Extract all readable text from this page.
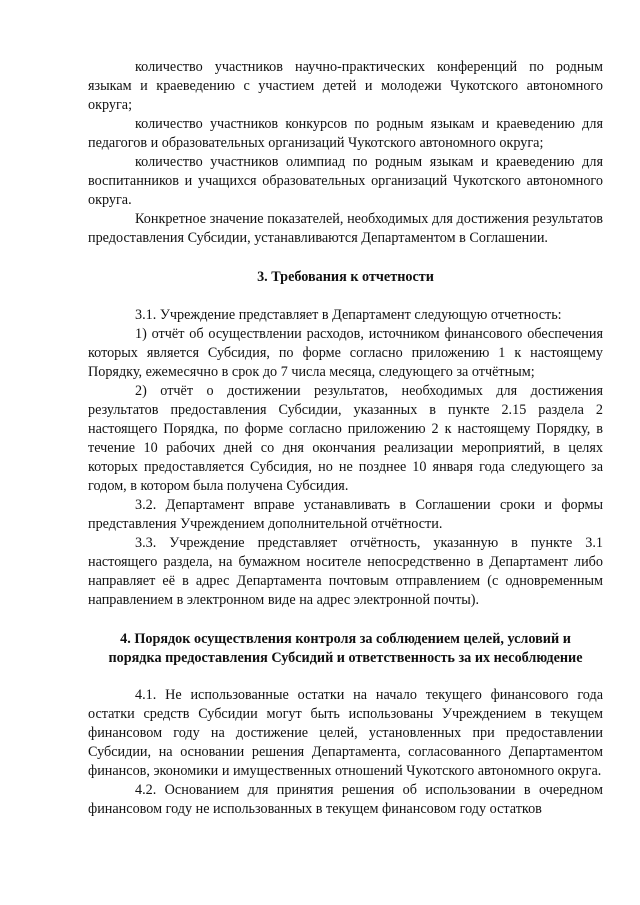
количество участников научно-практических конференций по родным языкам и краеведению с участием детей и молодежи Чукотского автономного округа;

количество участников конкурсов по родным языкам и краеведению для педагогов и образовательных организаций Чукотского автономного округа;

количество участников олимпиад по родным языкам и краеведению для воспитанников и учащихся образовательных организаций Чукотского автономного округа.

Конкретное значение показателей, необходимых для достижения результатов предоставления Субсидии, устанавливаются Департаментом в Соглашении.

3. Требования к отчетности

3.1. Учреждение представляет в Департамент следующую отчетность:

1) отчёт об осуществлении расходов, источником финансового обеспечения которых является Субсидия, по форме согласно приложению 1 к настоящему Порядку, ежемесячно в срок до 7 числа месяца, следующего за отчётным;

2) отчёт о достижении результатов, необходимых для достижения результатов предоставления Субсидии, указанных в пункте 2.15 раздела 2 настоящего Порядка, по форме согласно приложению 2 к настоящему Порядку, в течение 10 рабочих дней со дня окончания реализации мероприятий, в целях которых предоставляется Субсидия, но не позднее 10 января года следующего за годом, в котором была получена Субсидия.

3.2. Департамент вправе устанавливать в Соглашении сроки и формы представления Учреждением дополнительной отчётности.

3.3. Учреждение представляет отчётность, указанную в пункте 3.1 настоящего раздела, на бумажном носителе непосредственно в Департамент либо направляет её в адрес Департамента почтовым отправлением (с одновременным направлением в электронном виде на адрес электронной почты).

4. Порядок осуществления контроля за соблюдением целей, условий и
порядка предоставления Субсидий и ответственность за их несоблюдение

4.1. Не использованные остатки на начало текущего финансового года остатки средств Субсидии могут быть использованы Учреждением в текущем финансовом году на достижение целей, установленных при предоставлении Субсидии, на основании решения Департамента, согласованного Департаментом финансов, экономики и имущественных отношений Чукотского автономного округа.

4.2. Основанием для принятия решения об использовании в очередном финансовом году не использованных в текущем финансовом году остатков
